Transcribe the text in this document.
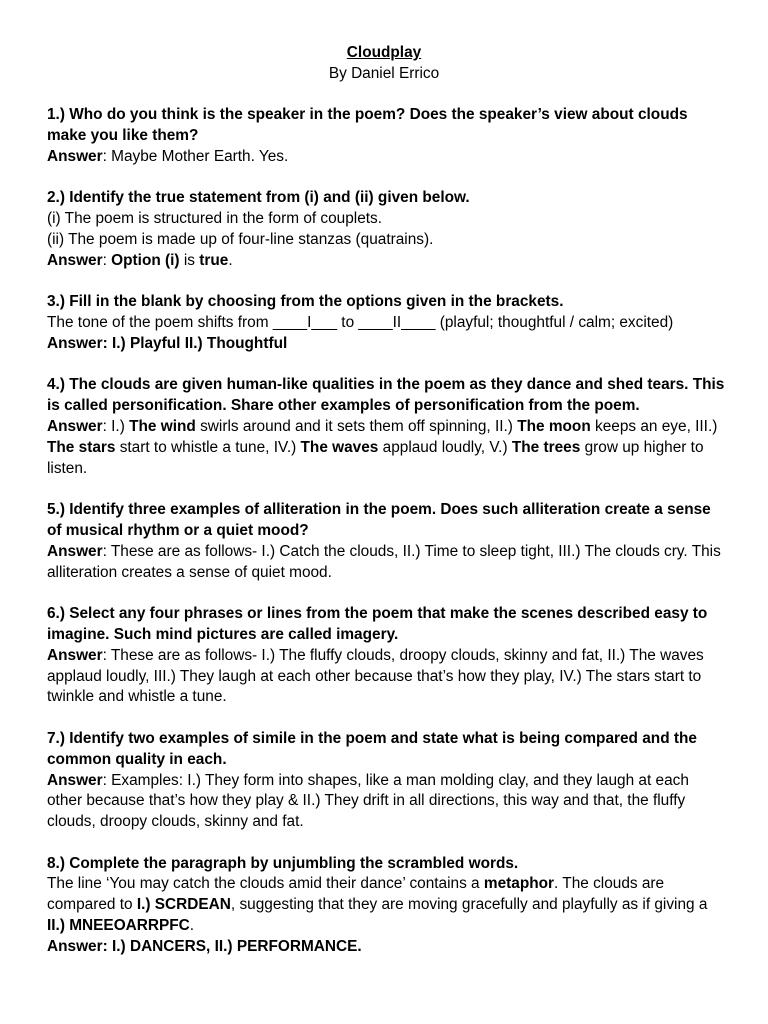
Cloudplay
By Daniel Errico

1.) Who do you think is the speaker in the poem? Does the speaker’s view about clouds make you like them?

Answer: Maybe Mother Earth. Yes.

2.) Identify the true statement from (i) and (ii) given below.

(i) The poem is structured in the form of couplets.

(ii) The poem is made up of four-line stanzas (quatrains).

Answer: Option (i) is true.

3.) Fill in the blank by choosing from the options given in the brackets.

The tone of the poem shifts from ____I___ to ____II____ (playful; thoughtful / calm; excited)

Answer: I.) Playful II.) Thoughtful

4.) The clouds are given human-like qualities in the poem as they dance and shed tears. This is called personification. Share other examples of personification from the poem.

Answer: I.) The wind swirls around and it sets them off spinning, II.) The moon keeps an eye, III.) The stars start to whistle a tune, IV.) The waves applaud loudly, V.) The trees grow up higher to listen.

5.) Identify three examples of alliteration in the poem. Does such alliteration create a sense of musical rhythm or a quiet mood?

Answer: These are as follows- I.) Catch the clouds, II.) Time to sleep tight, III.) The clouds cry. This alliteration creates a sense of quiet mood.

6.) Select any four phrases or lines from the poem that make the scenes described easy to imagine. Such mind pictures are called imagery.

Answer: These are as follows- I.) The fluffy clouds, droopy clouds, skinny and fat, II.) The waves applaud loudly, III.) They laugh at each other because that’s how they play, IV.) The stars start to twinkle and whistle a tune.

7.) Identify two examples of simile in the poem and state what is being compared and the common quality in each.

Answer: Examples: I.) They form into shapes, like a man molding clay, and they laugh at each other because that’s how they play & II.) They drift in all directions, this way and that, the fluffy clouds, droopy clouds, skinny and fat.

8.) Complete the paragraph by unjumbling the scrambled words.

The line ‘You may catch the clouds amid their dance’ contains a metaphor. The clouds are compared to I.) SCRDEAN, suggesting that they are moving gracefully and playfully as if giving a II.) MNEEOARRPFC.

Answer: I.) DANCERS, II.) PERFORMANCE.
